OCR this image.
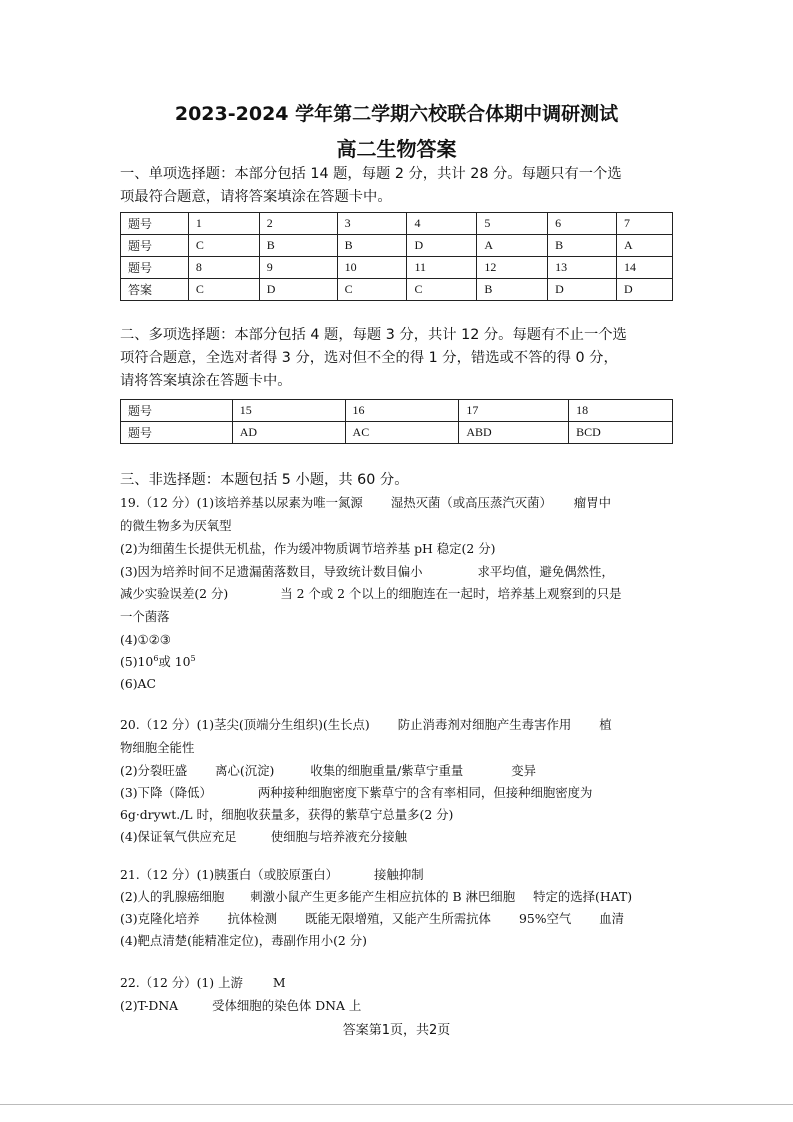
2023-2024 学年第二学期六校联合体期中调研测试
高二生物答案
一、单项选择题：本部分包括 14 题，每题 2 分，共计 28 分。每题只有一个选
项最符合题意，请将答案填涂在答题卡中。
题号	1	2	3	4	5	6	7
题号	C	B	B	D	A	B	A
题号	8	9	10	11	12	13	14
答案	C	D	C	C	B	D	D
二、多项选择题：本部分包括 4 题，每题 3 分，共计 12 分。每题有不止一个选
项符合题意，全选对者得 3 分，选对但不全的得 1 分，错选或不答的得 0 分，
请将答案填涂在答题卡中。
题号	15	16	17	18
题号	AD	AC	ABD	BCD
三、非选择题：本题包括 5 小题，共 60 分。
19.（12 分）(1)该培养基以尿素为唯一氮源 湿热灭菌（或高压蒸汽灭菌） 瘤胃中
的微生物多为厌氧型
(2)为细菌生长提供无机盐，作为缓冲物质调节培养基 pH 稳定(2 分)
(3)因为培养时间不足遗漏菌落数目，导致统计数目偏小	求平均值，避免偶然性，
减少实验误差(2 分)	当 2 个或 2 个以上的细胞连在一起时，培养基上观察到的只是
一个菌落
(4)①②③
$(5)10^6$或 $10^5$
(6)AC
20.（12 分）(1)茎尖(顶端分生组织)(生长点) 防止消毒剂对细胞产生毒害作用 植
物细胞全能性
(2)分裂旺盛 离心(沉淀)	收集的细胞重量/紫草宁重量	变异
(3)下降（降低）	两种接种细胞密度下紫草宁的含有率相同，但接种细胞密度为
6g·drywt./L 时，细胞收获量多，获得的紫草宁总量多(2 分)
(4)保证氧气供应充足	使细胞与培养液充分接触
21.（12 分）(1)胰蛋白（或胶原蛋白）	接触抑制
(2)人的乳腺癌细胞 刺激小鼠产生更多能产生相应抗体的 B 淋巴细胞 特定的选择(HAT)
(3)克隆化培养 抗体检测 既能无限增殖，又能产生所需抗体 95%空气 血清
(4)靶点清楚(能精准定位)，毒副作用小(2 分)
22.（12 分）(1) 上游 M
(2)T-DNA	受体细胞的染色体 DNA 上
答案第1页，共2页
